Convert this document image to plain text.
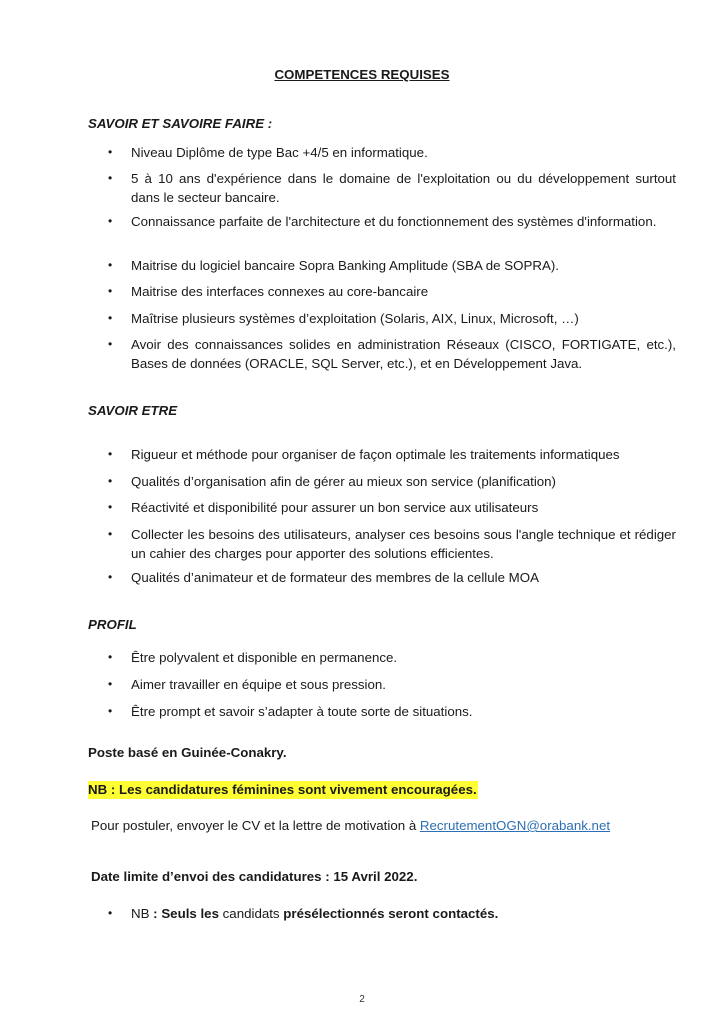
COMPETENCES REQUISES
SAVOIR ET SAVOIRE FAIRE :
• Niveau Diplôme de type Bac +4/5 en informatique.
• 5 à 10 ans d'expérience dans le domaine de l'exploitation ou du développement surtout dans le secteur bancaire.
• Connaissance parfaite de l'architecture et du fonctionnement des systèmes d'information.
• Maitrise du logiciel bancaire Sopra Banking Amplitude (SBA de SOPRA).
• Maitrise des interfaces connexes au core-bancaire
• Maîtrise plusieurs systèmes d’exploitation (Solaris, AIX, Linux, Microsoft, …)
• Avoir des connaissances solides en administration Réseaux (CISCO, FORTIGATE, etc.), Bases de données (ORACLE, SQL Server, etc.), et en Développement Java.
SAVOIR ETRE
• Rigueur et méthode pour organiser de façon optimale les traitements informatiques
• Qualités d’organisation afin de gérer au mieux son service (planification)
• Réactivité et disponibilité pour assurer un bon service aux utilisateurs
• Collecter les besoins des utilisateurs, analyser ces besoins sous l'angle technique et rédiger un cahier des charges pour apporter des solutions efficientes.
• Qualités d’animateur et de formateur des membres de la cellule MOA
PROFIL
• Être polyvalent et disponible en permanence.
• Aimer travailler en équipe et sous pression.
• Être prompt et savoir s’adapter à toute sorte de situations.
Poste basé en Guinée-Conakry.
NB : Les candidatures féminines sont vivement encouragées.
Pour postuler, envoyer le CV et la lettre de motivation à RecrutementOGN@orabank.net
Date limite d’envoi des candidatures : 15 Avril 2022.
• NB : Seuls les candidats présélectionnés seront contactés.
2
